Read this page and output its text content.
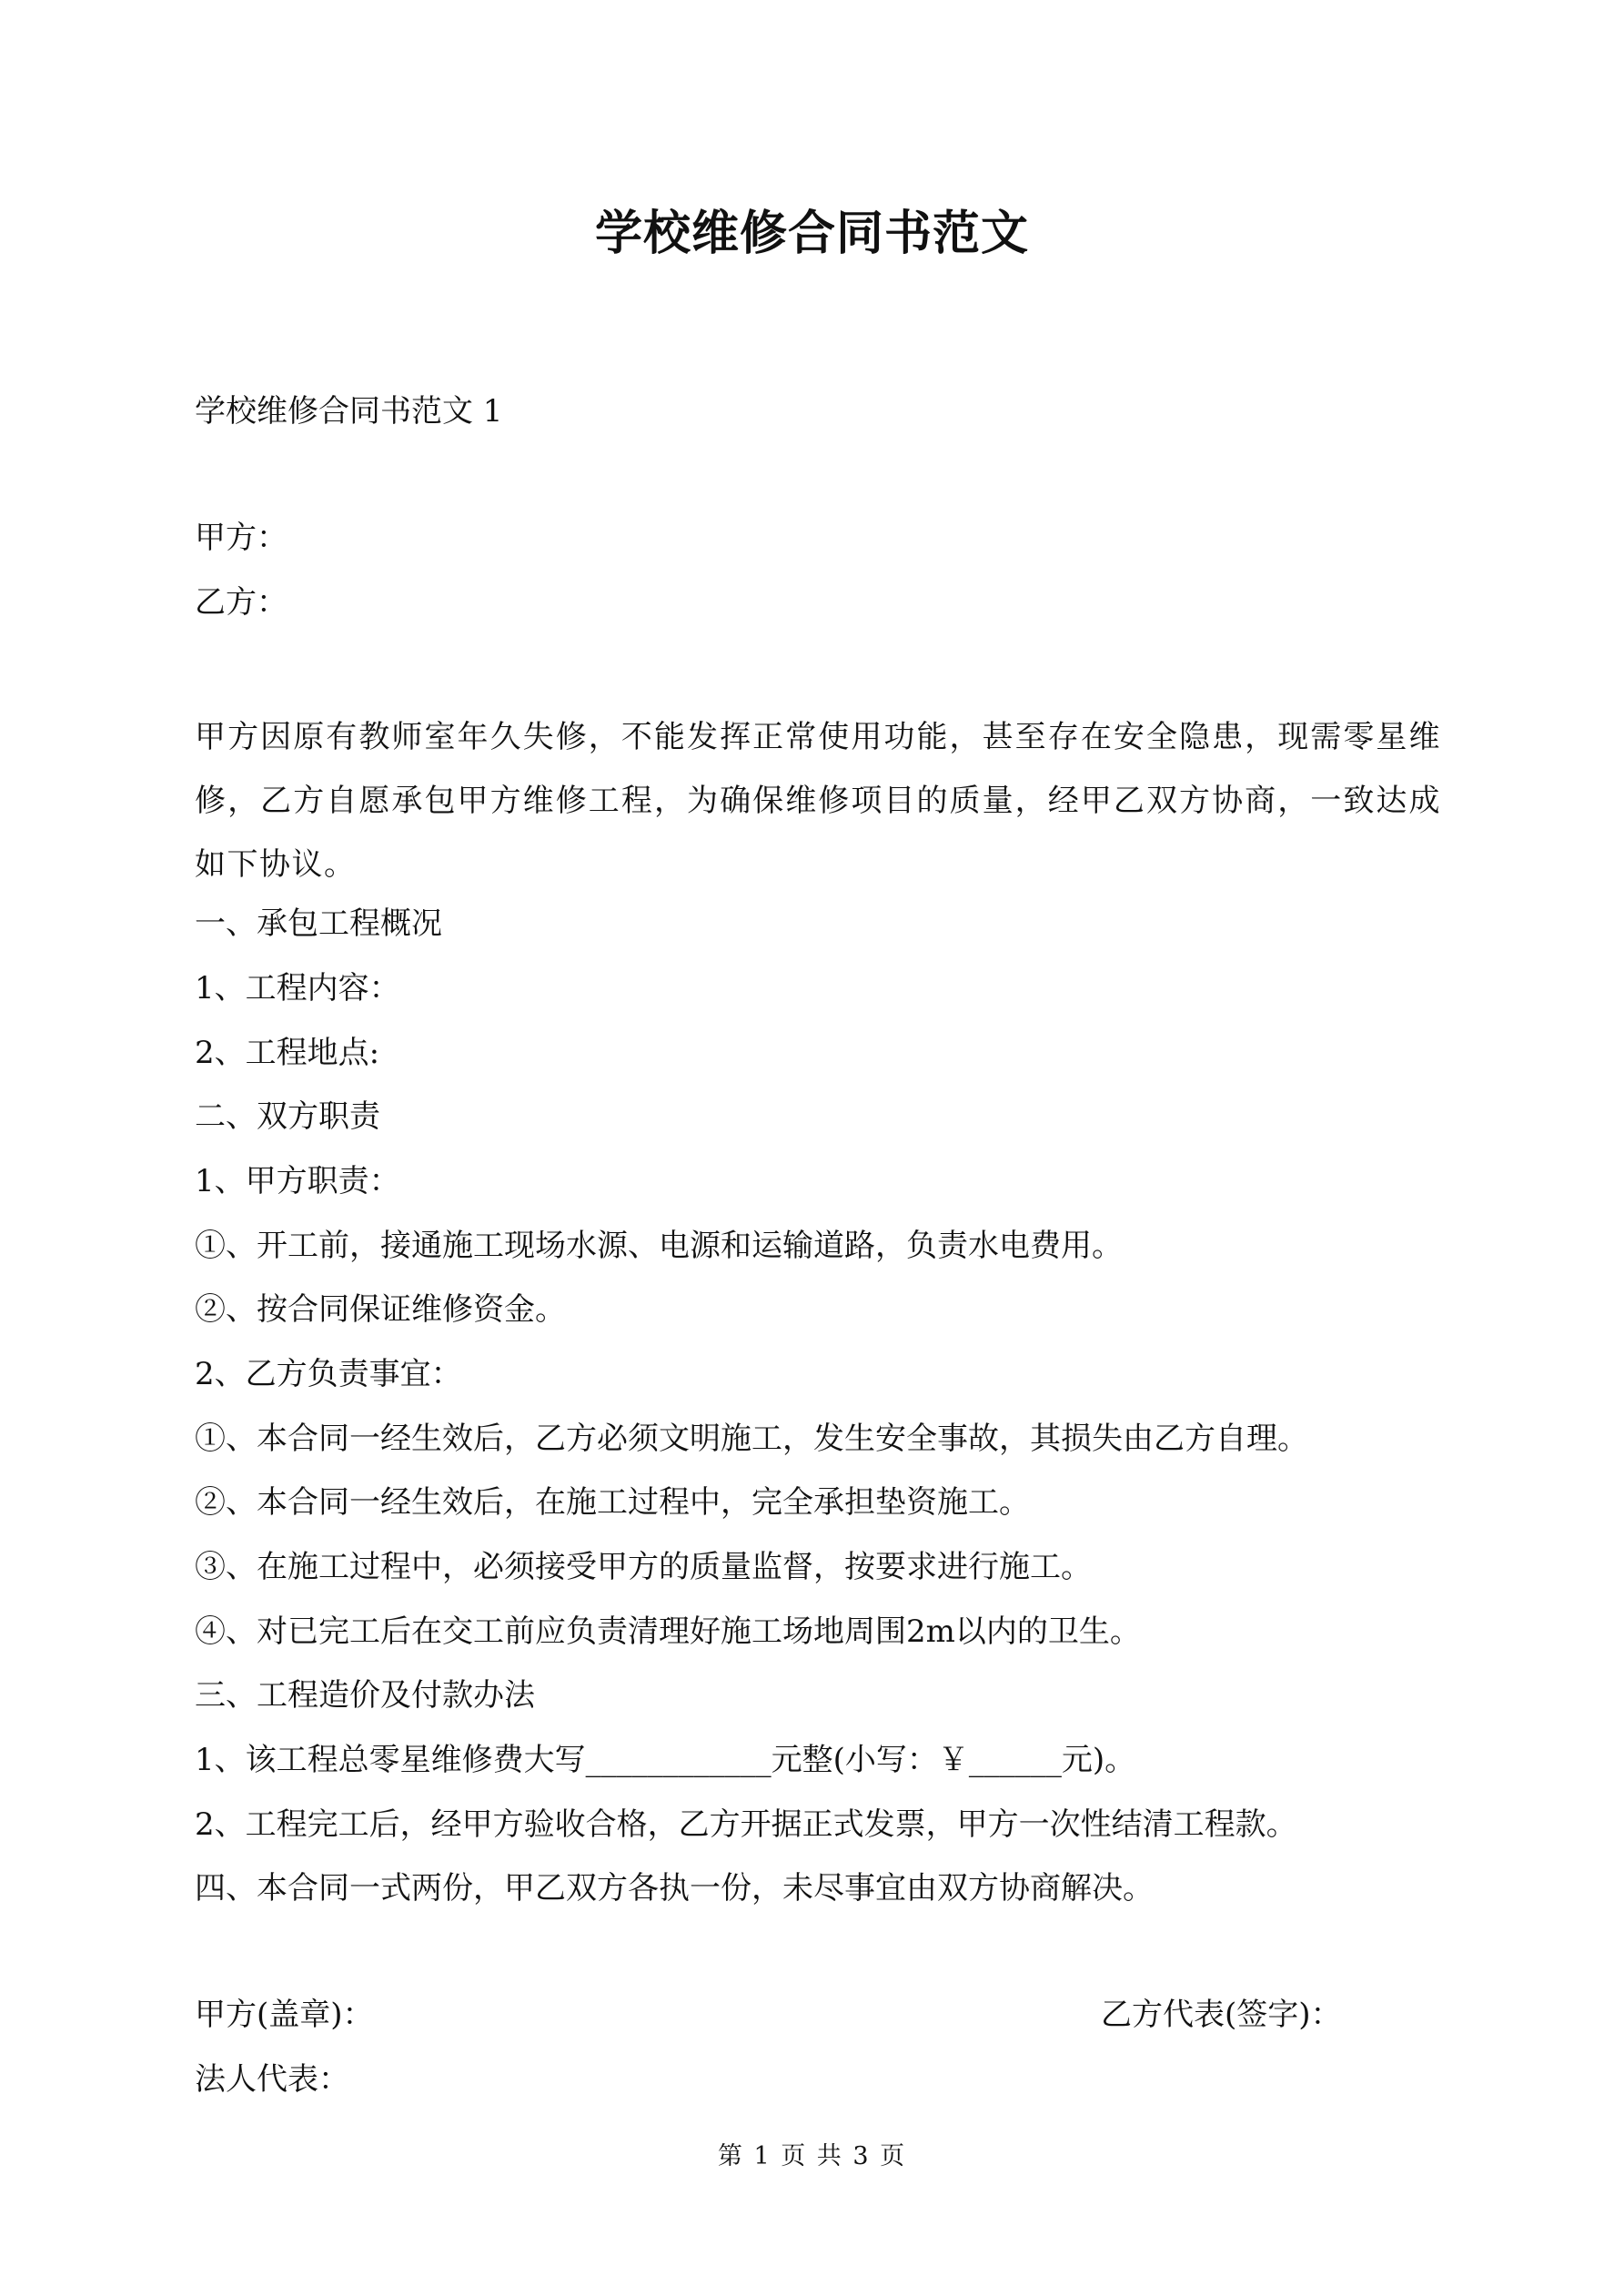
学校维修合同书范文
学校维修合同书范文 1
甲方：
乙方：
甲方因原有教师室年久失修，不能发挥正常使用功能，甚至存在安全隐患，现需零星维修，乙方自愿承包甲方维修工程，为确保维修项目的质量，经甲乙双方协商，一致达成如下协议。
一、承包工程概况
1、工程内容：
2、工程地点:
二、双方职责
1、甲方职责：
①、开工前，接通施工现场水源、电源和运输道路，负责水电费用。
②、按合同保证维修资金。
2、乙方负责事宜：
①、本合同一经生效后，乙方必须文明施工，发生安全事故，其损失由乙方自理。
②、本合同一经生效后，在施工过程中，完全承担垫资施工。
③、在施工过程中，必须接受甲方的质量监督，按要求进行施工。
④、对已完工后在交工前应负责清理好施工场地周围2m以内的卫生。
三、工程造价及付款办法
1、该工程总零星维修费大写____________元整(小写：￥______元)。
2、工程完工后，经甲方验收合格，乙方开据正式发票，甲方一次性结清工程款。
四、本合同一式两份，甲乙双方各执一份，未尽事宜由双方协商解决。
甲方(盖章)：	乙方代表(签字)：
法人代表：
第 1 页 共 3 页
